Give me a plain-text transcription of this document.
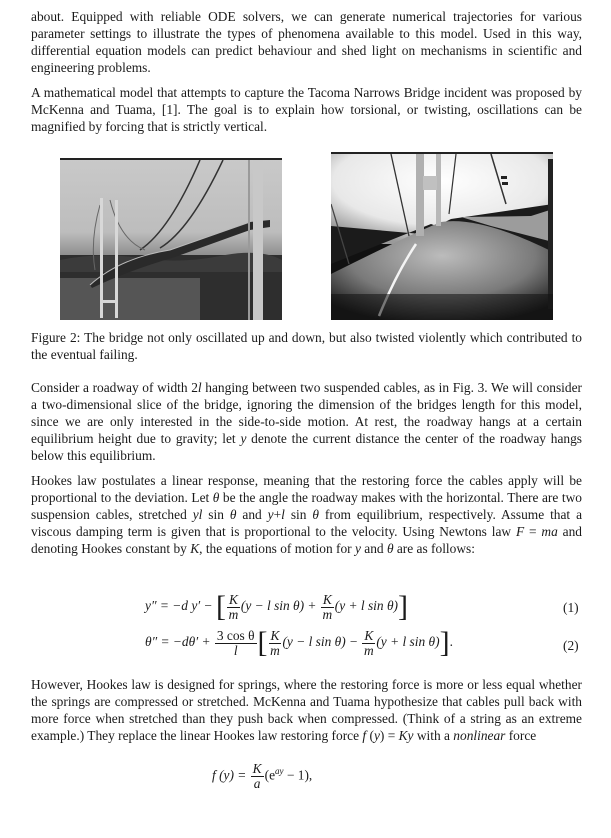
about. Equipped with reliable ODE solvers, we can generate numerical trajectories for various parameter settings to illustrate the types of phenomena available to this model. Used in this way, differential equation models can predict behaviour and shed light on mechanisms in scientific and engineering problems.

A mathematical model that attempts to capture the Tacoma Narrows Bridge incident was proposed by McKenna and Tuama, [1]. The goal is to explain how torsional, or twisting, oscillations can be magnified by forcing that is strictly vertical.

Figure 2: The bridge not only oscillated up and down, but also twisted violently which contributed to the eventual failing.

Consider a roadway of width 2l hanging between two suspended cables, as in Fig. 3. We will consider a two-dimensional slice of the bridge, ignoring the dimension of the bridges length for this model, since we are only interested in the side-to-side motion. At rest, the roadway hangs at a certain equilibrium height due to gravity; let y denote the current distance the center of the roadway hangs below this equilibrium.

Hookes law postulates a linear response, meaning that the restoring force the cables apply will be proportional to the deviation. Let θ be the angle the roadway makes with the horizontal. There are two suspension cables, stretched yl sin θ and y+l sin θ from equilibrium, respectively. Assume that a viscous damping term is given that is proportional to the velocity. Using Newtons law F = ma and denoting Hookes constant by K, the equations of motion for y and θ are as follows:

y″ = −d y′ − [ $\frac{K}{m} (y - l$ $\sin \theta) + \frac{K}{m} (y + l$ sin θ)]	(1)
$\theta'' = -d\theta' + \frac{\text{3 cos θ}}{l}$ [ $\frac{K}{m} (y - l$ $\sin \theta) - \frac{K}{m} (y + l$ sin θ)].	(2)

However, Hookes law is designed for springs, where the restoring force is more or less equal whether the springs are compressed or stretched. McKenna and Tuama hypothesize that cables pull back with more force when stretched than they push back when compressed. (Think of a string as an extreme example.) They replace the linear Hookes law restoring force f (y) = Ky with a nonlinear force

f $(y) = \frac{K}{a} (e^{ay} - 1)$,
